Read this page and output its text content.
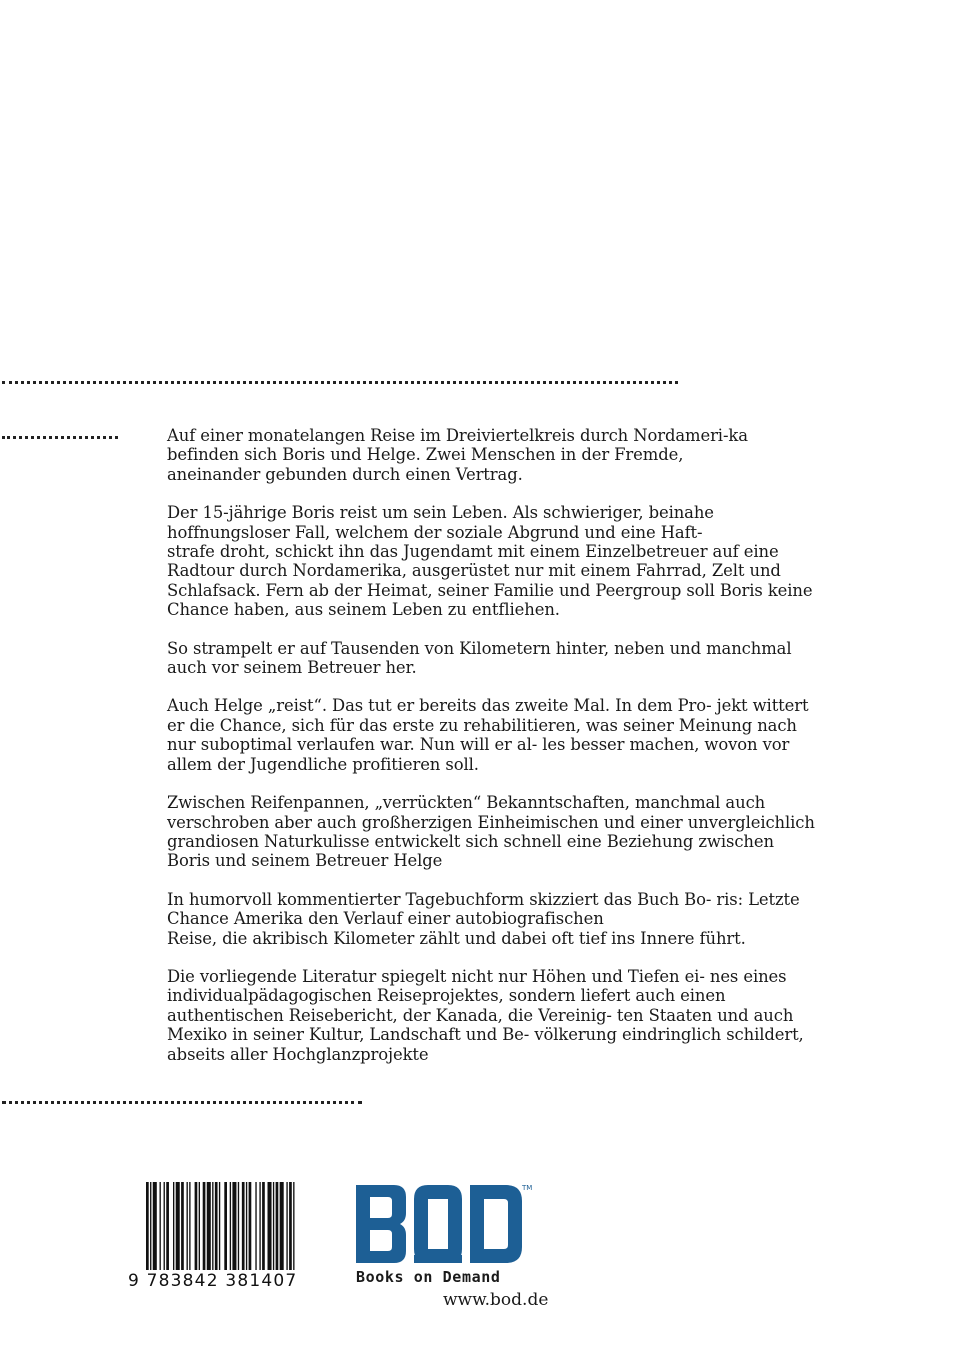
Auf einer monatelangen Reise im Dreiviertelkreis durch Nordameri-ka
befinden sich Boris und Helge. Zwei Menschen in der Fremde,
aneinander gebunden durch einen Vertrag.

Der 15-jährige Boris reist um sein Leben. Als schwieriger, beinahe
hoffnungsloser Fall, welchem der soziale Abgrund und eine Haft-
strafe droht, schickt ihn das Jugendamt mit einem Einzelbetreuer auf eine
Radtour durch Nordamerika, ausgerüstet nur mit einem Fahrrad, Zelt und
Schlafsack. Fern ab der Heimat, seiner Familie und Peergroup soll Boris keine
Chance haben, aus seinem Leben zu entfliehen.

So strampelt er auf Tausenden von Kilometern hinter, neben und manchmal
auch vor seinem Betreuer her.

Auch Helge „reist“. Das tut er bereits das zweite Mal. In dem Pro- jekt wittert
er die Chance, sich für das erste zu rehabilitieren, was seiner Meinung nach
nur suboptimal verlaufen war. Nun will er al- les besser machen, wovon vor
allem der Jugendliche profitieren soll.

Zwischen Reifenpannen, „verrückten“ Bekanntschaften, manchmal auch
verschroben aber auch großherzigen Einheimischen und einer unvergleichlich
grandiosen Naturkulisse entwickelt sich schnell eine Beziehung zwischen
Boris und seinem Betreuer Helge

In humorvoll kommentierter Tagebuchform skizziert das Buch Bo- ris: Letzte
Chance Amerika den Verlauf einer autobiografischen
Reise, die akribisch Kilometer zählt und dabei oft tief ins Innere führt.

Die vorliegende Literatur spiegelt nicht nur Höhen und Tiefen ei- nes eines
individualpädagogischen Reiseprojektes, sondern liefert auch einen
authentischen Reisebericht, der Kanada, die Vereinig- ten Staaten und auch
Mexiko in seiner Kultur, Landschaft und Be- völkerung eindringlich schildert,
abseits aller Hochglanzprojekte

9 783842 381407	Books on Demand
TM
www.bod.de
